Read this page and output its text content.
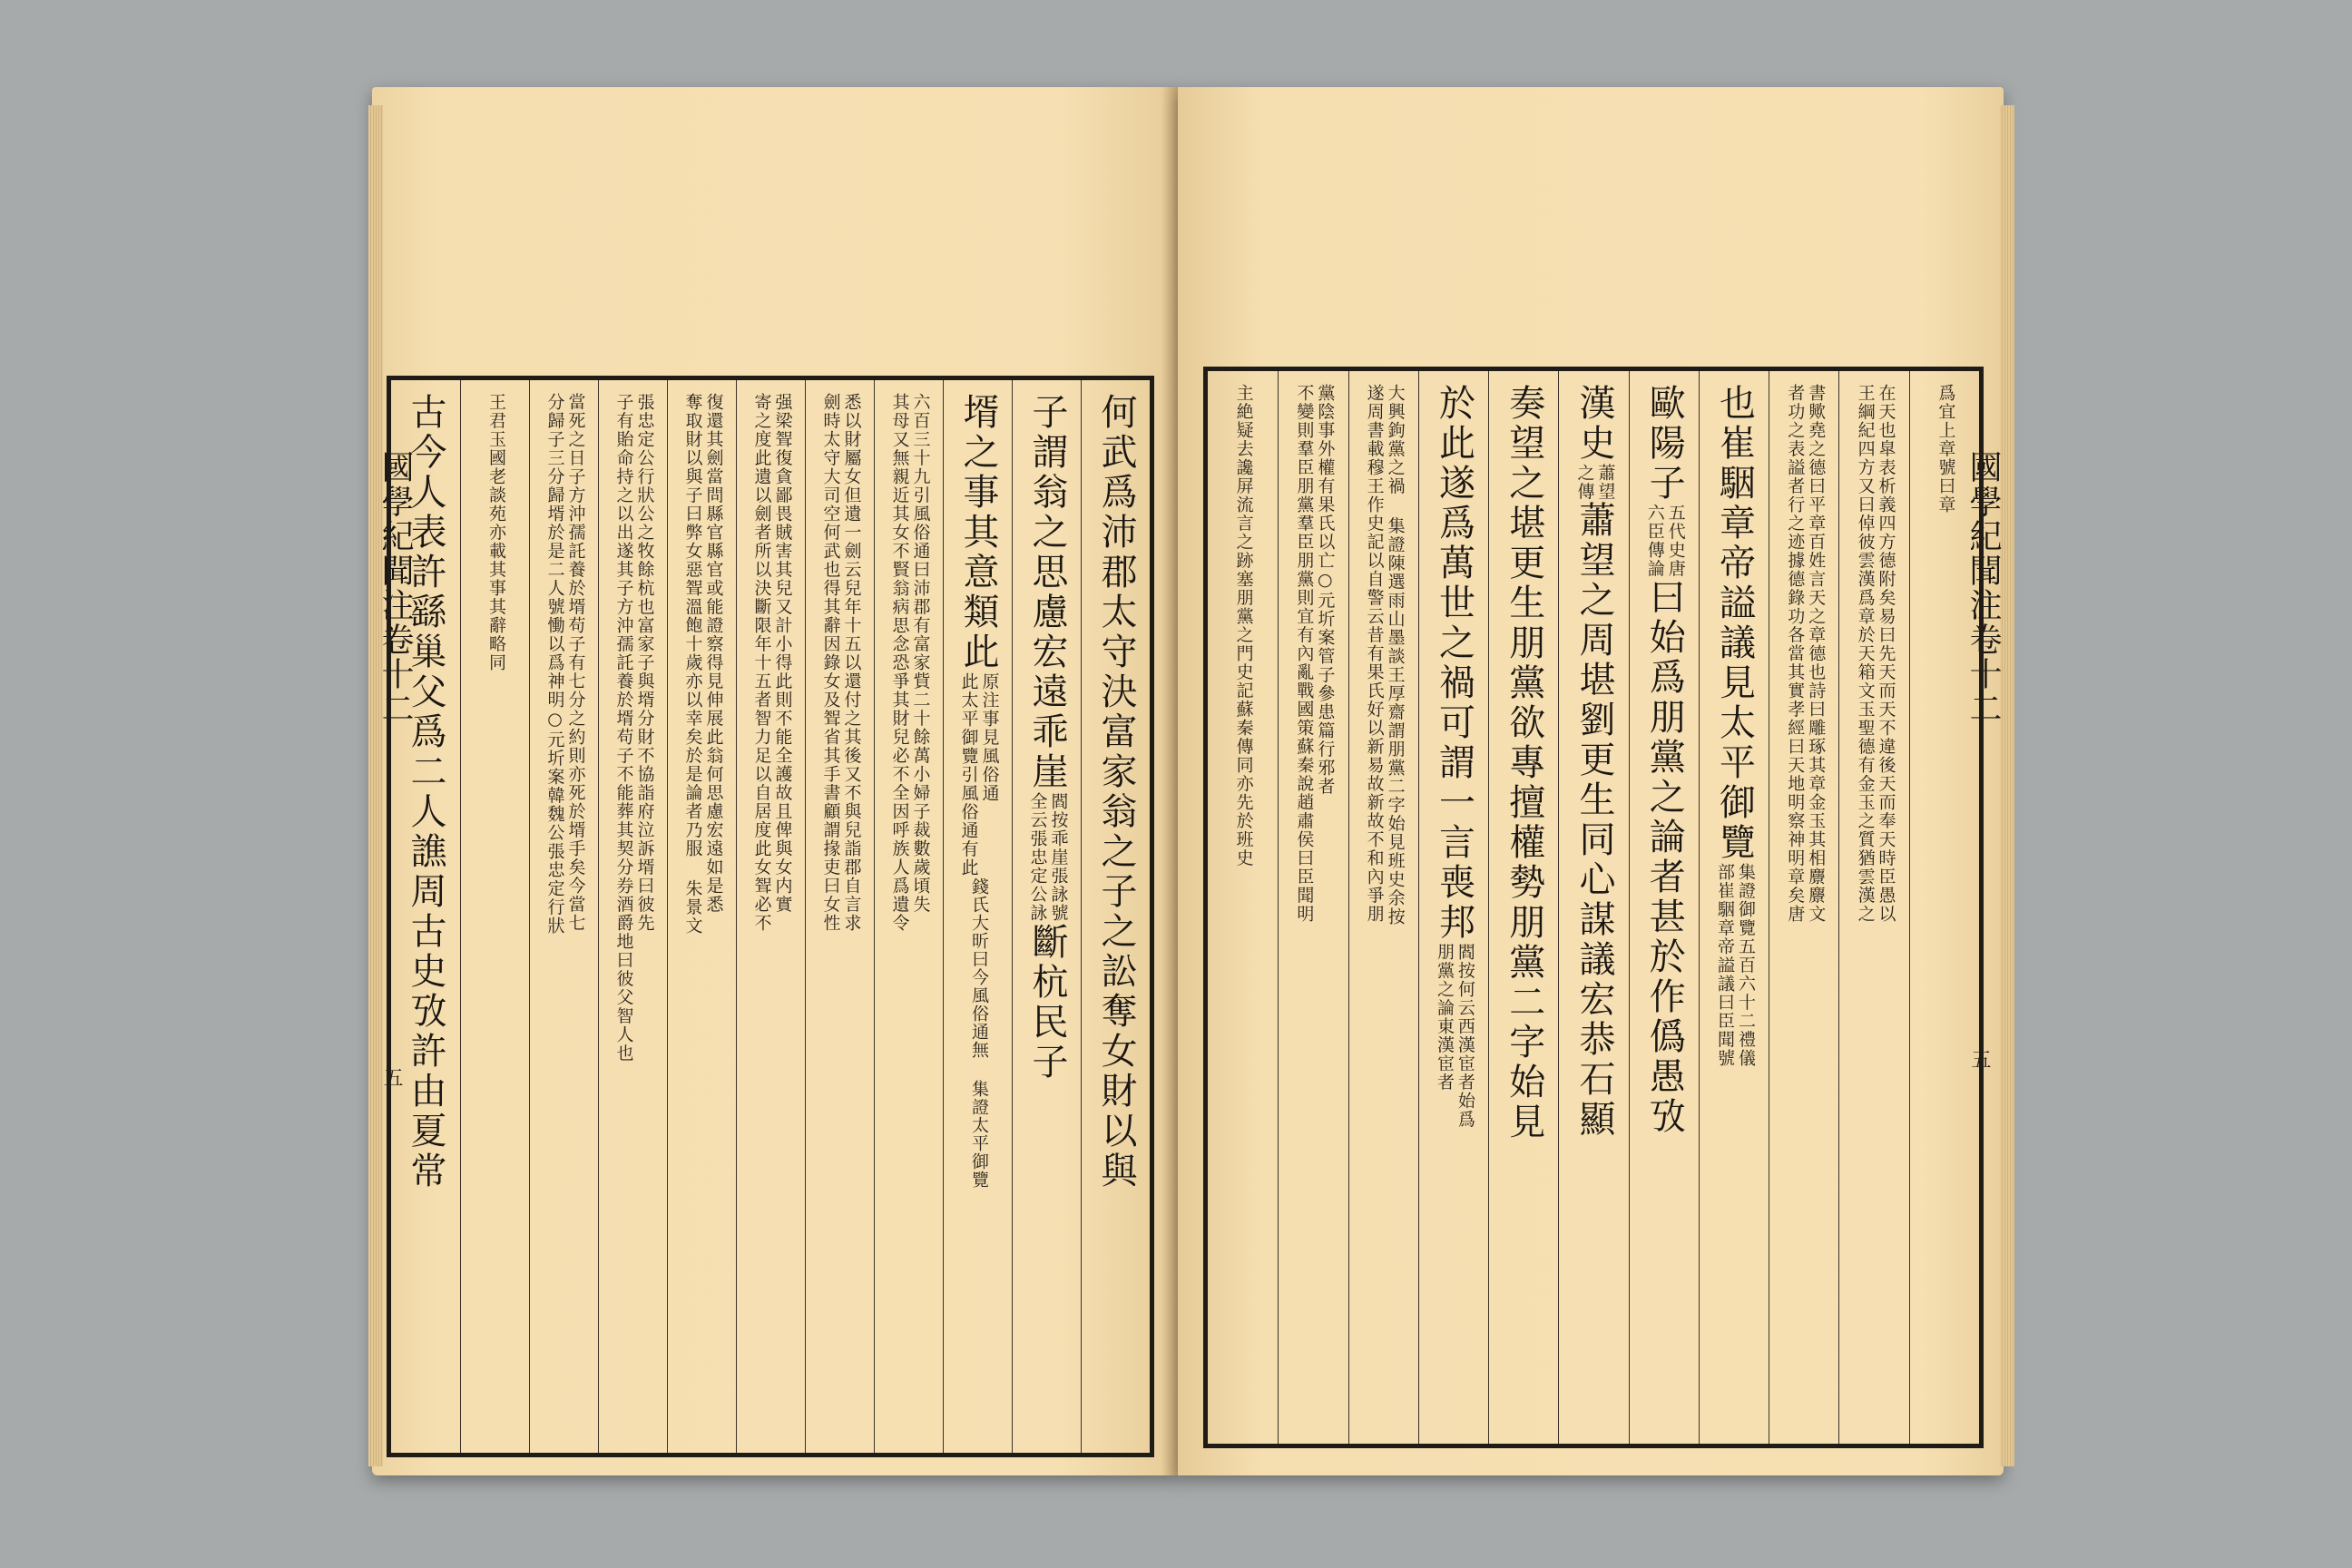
國學紀聞注卷十二
五	何武爲沛郡太守決富家翁之子之訟奪女財以與
子謂翁之思慮宏遠乖崖
閻按乖崖張詠號
全云張忠定公詠
斷杭民子
壻之事其意類此
原注事見風俗通
此太平御覽引風俗通有此
錢氏大昕曰今風俗通無 集證太平御覽
六百三十九引風俗通曰沛郡有富家貲二十餘萬小婦子裁數歲頃失
其母又無親近其女不賢翁病思念恐爭其財兒必不全因呼族人爲遺令
悉以財屬女但遺一劍云兒年十五以還付之其後又不與兒詣郡自言求
劍時太守大司空何武也得其辭因錄女及聟省其手書顧謂掾吏曰女性
强梁聟復貪鄙畏賊害其兒又計小得此則不能全護故且俾與女内實
寄之度此遺以劍者所以決斷限年十五者智力足以自居度此女聟必不
復還其劍當問縣官縣官或能證察得見伸展此翁何思慮宏遠如是悉
奪取財以與子曰弊女惡聟溫飽十歲亦以幸矣於是論者乃服 朱景文
張忠定公行狀公之牧餘杭也富家子與壻分財不協詣府泣訴壻曰彼先
子有貽命持之以出遂其子方沖孺託養於壻苟子不能葬其契分券酒爵地曰彼父智人也
當死之日子方沖孺託養於壻苟子有七分之約則亦死於壻手矣今當七
分歸子三分歸壻於是二人號慟以爲神明○元圻案韓魏公張忠定行狀
王君玉國老談苑亦載其事其辭略同
古今人表許繇巢父爲二人譙周古史攷許由夏常	國學紀聞注卷十二
五
爲宜上章號曰章
在天也皐表析義四方德附矣易曰先天而天不違後天而奉天時臣愚以
王綱紀四方又曰倬彼雲漢爲章於天箱文玉聖德有金玉之質猶雲漢之
書歟堯之德曰平章百姓言天之章德也詩曰雕琢其章金玉其相麖麖文
者功之表謚者行之迹據德錄功各當其實孝經曰天地明察神明章矣唐
也崔駰章帝謚議見太平御覽
集證御覽五百六十二禮儀
部崔駰章帝謚議曰臣聞號
歐陽子
五代史唐
六臣傳論
曰始爲朋黨之論者甚於作僞愚攷
漢史
蕭望
之傳
蕭望之周堪劉更生同心謀議宏恭石顯
奏望之堪更生朋黨欲專擅權勢朋黨二字始見
於此遂爲萬世之禍可謂一言喪邦
閻按何云西漢宦者始爲
朋黨之論東漢宦者
大興鉤黨之禍 集證陳選雨山墨談王厚齋謂朋黨二字始見班史余按
遂周書載穆王作史記以自警云昔有果氏好以新易故新故不和內爭朋
黨陰事外權有果氏以亡○元圻案管子參患篇行邪者
不變則羣臣朋黨羣臣朋黨則宜有內亂戰國策蘇秦說趙肅侯曰臣聞明
主絶疑去讒屏流言之跡塞朋黨之門史記蘇秦傳同亦先於班史
